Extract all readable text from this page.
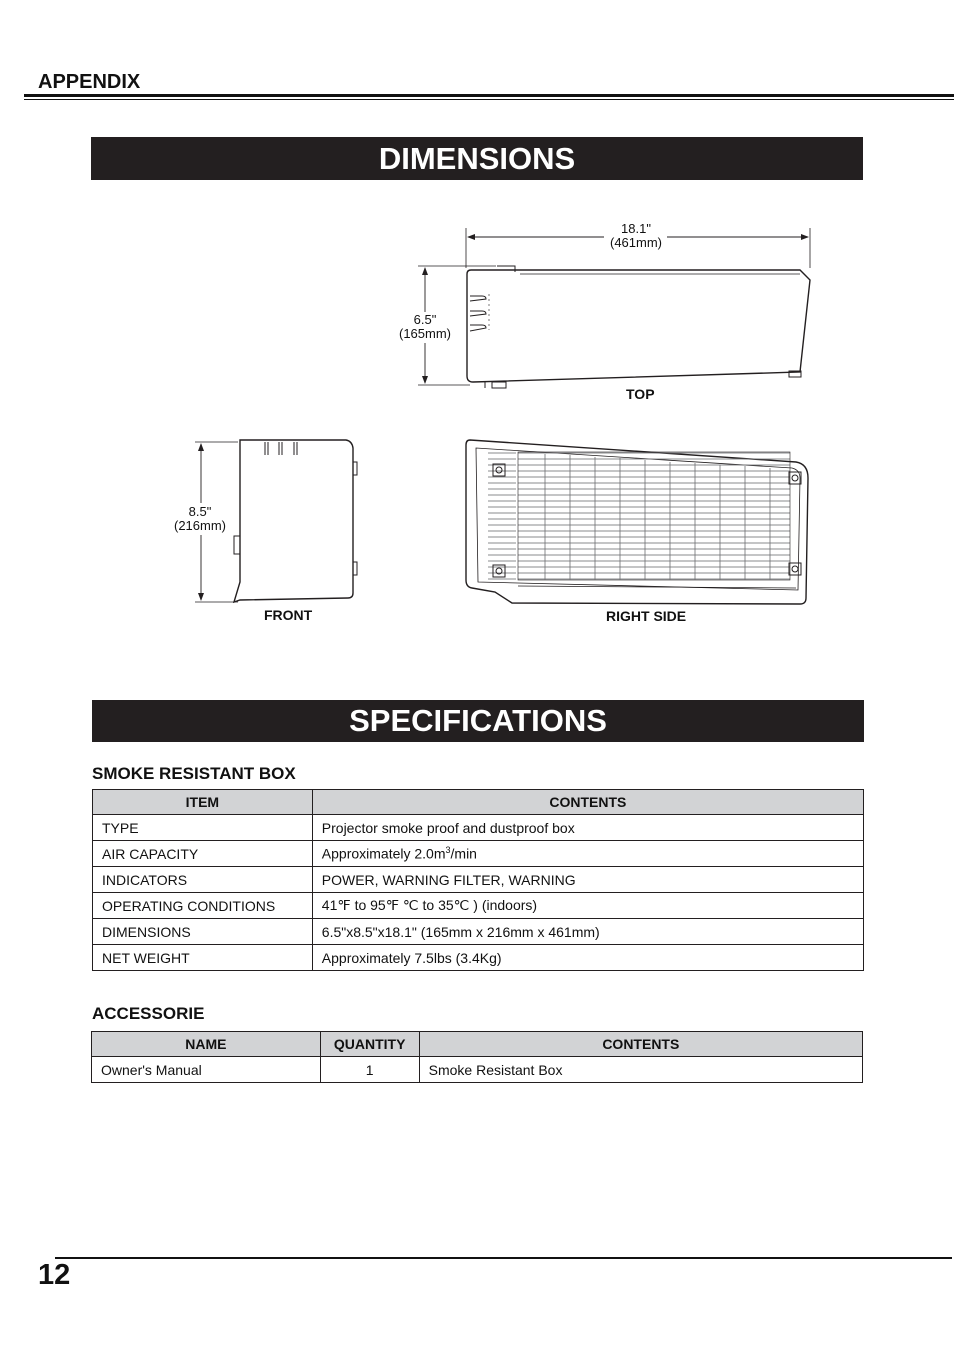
APPENDIX
DIMENSIONS
18.1"
(461mm)
6.5"
(165mm)
8.5"
(216mm)
TOP
FRONT	RIGHT SIDE
SPECIFICATIONS
SMOKE RESISTANT BOX
ITEM	CONTENTS
TYPE	Projector smoke proof and dustproof box
AIR CAPACITY	Approximately $2.0m^3/\min$
INDICATORS	POWER, WARNING FILTER, WARNING
OPERATING CONDITIONS	41℉ to 95℉ ℃ to 35℃ ) (indoors)
DIMENSIONS	6.5"x8.5"x18.1" (165mm x 216mm x 461mm)
NET WEIGHT	Approximately 7.5lbs (3.4Kg)
ACCESSORIE
NAME	QUANTITY	CONTENTS
Owner's Manual	1	Smoke Resistant Box
12
